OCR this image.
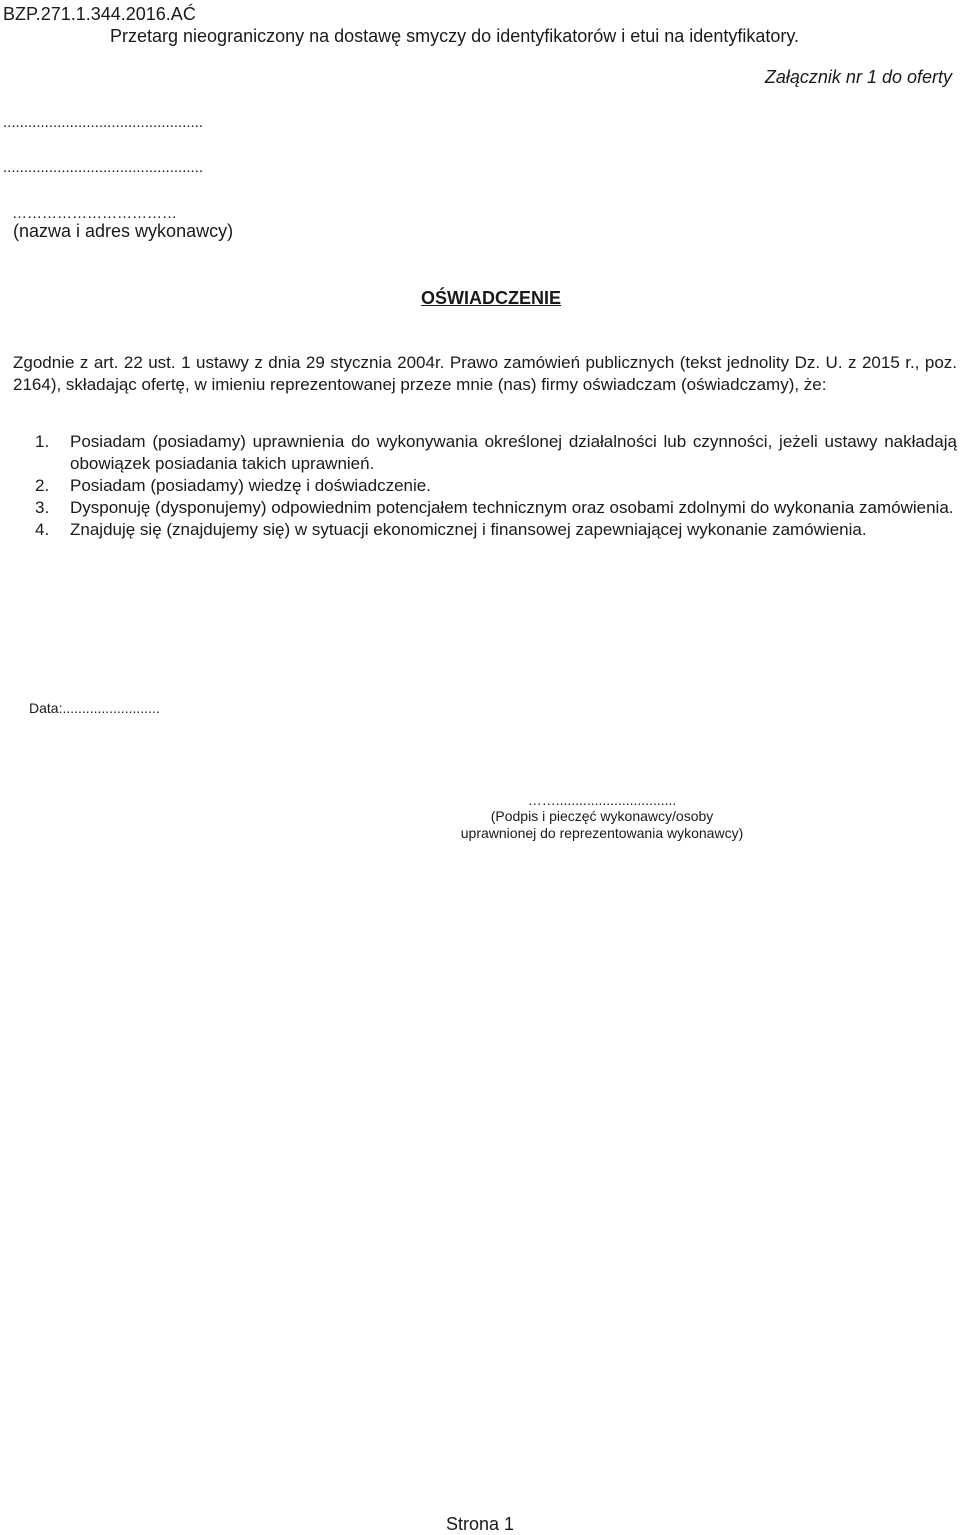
BZP.271.1.344.2016.AĆ
Przetarg nieograniczony na dostawę smyczy do identyfikatorów i etui na identyfikatory.
Załącznik nr 1 do oferty
................................................
................................................
……………………………
(nazwa i adres wykonawcy)
OŚWIADCZENIE
Zgodnie z art. 22 ust. 1 ustawy z dnia 29 stycznia 2004r. Prawo zamówień publicznych (tekst jednolity Dz. U. z 2015 r., poz. 2164), składając ofertę, w imieniu reprezentowanej przeze mnie (nas) firmy oświadczam (oświadczamy), że:
1. Posiadam (posiadamy) uprawnienia do wykonywania określonej działalności lub czynności, jeżeli ustawy nakładają obowiązek posiadania takich uprawnień.
2. Posiadam (posiadamy) wiedzę i doświadczenie.
3. Dysponuję (dysponujemy) odpowiednim potencjałem technicznym oraz osobami zdolnymi do wykonania zamówienia.
4. Znajduję się (znajdujemy się) w sytuacji ekonomicznej i finansowej zapewniającej wykonanie zamówienia.
Data:.........................
……...............................
(Podpis i pieczęć wykonawcy/osoby
uprawnionej do reprezentowania wykonawcy)
Strona 1
